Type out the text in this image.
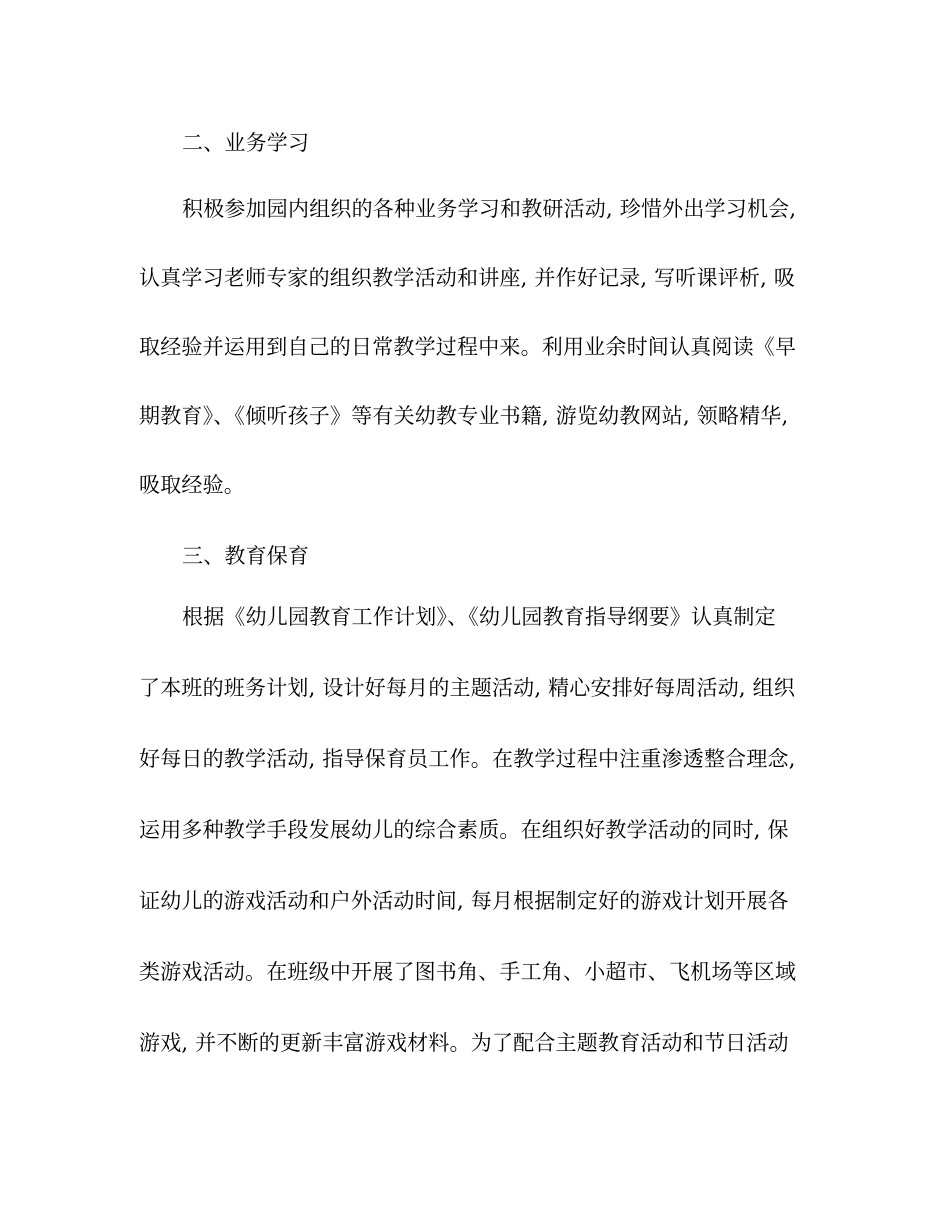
二、业务学习
积极参加园内组织的各种业务学习和教研活动, 珍惜外出学习机会,
认真学习老师专家的组织教学活动和讲座, 并作好记录, 写听课评析, 吸
取经验并运用到自己的日常教学过程中来。利用业余时间认真阅读《早
期教育》、《倾听孩子》等有关幼教专业书籍, 游览幼教网站, 领略精华,
吸取经验。
三、教育保育
根据《幼儿园教育工作计划》、《幼儿园教育指导纲要》认真制定
了本班的班务计划, 设计好每月的主题活动, 精心安排好每周活动, 组织
好每日的教学活动, 指导保育员工作。在教学过程中注重渗透整合理念,
运用多种教学手段发展幼儿的综合素质。在组织好教学活动的同时, 保
证幼儿的游戏活动和户外活动时间, 每月根据制定好的游戏计划开展各
类游戏活动。在班级中开展了图书角、手工角、小超市、飞机场等区域
游戏, 并不断的更新丰富游戏材料。为了配合主题教育活动和节日活动
